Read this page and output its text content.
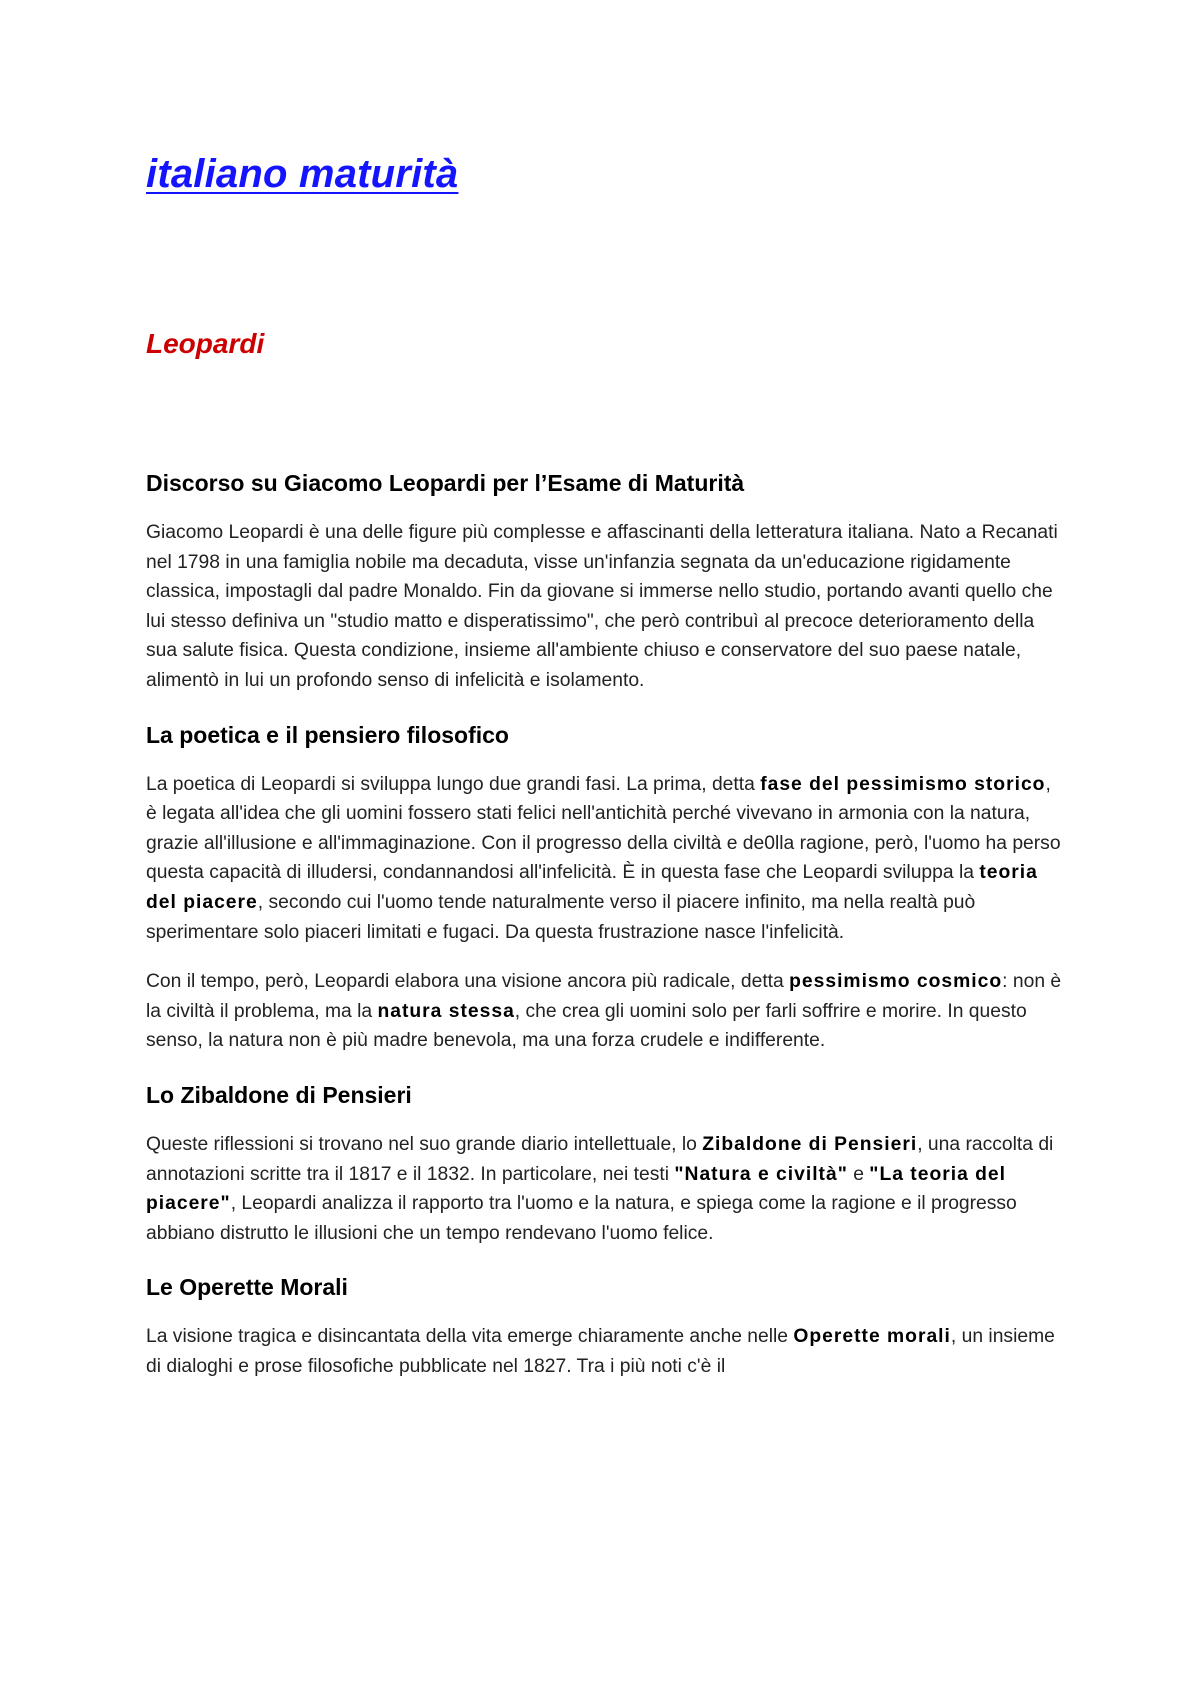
italiano maturità
Leopardi
Discorso su Giacomo Leopardi per l’Esame di Maturità

Giacomo Leopardi è una delle figure più complesse e affascinanti della letteratura italiana. Nato a Recanati nel 1798 in una famiglia nobile ma decaduta, visse un'infanzia segnata da un'educazione rigidamente classica, impostagli dal padre Monaldo. Fin da giovane si immerse nello studio, portando avanti quello che lui stesso definiva un "studio matto e disperatissimo", che però contribuì al precoce deterioramento della sua salute fisica. Questa condizione, insieme all'ambiente chiuso e conservatore del suo paese natale, alimentò in lui un profondo senso di infelicità e isolamento.

La poetica e il pensiero filosofico

La poetica di Leopardi si sviluppa lungo due grandi fasi. La prima, detta fase del pessimismo storico, è legata all'idea che gli uomini fossero stati felici nell'antichità perché vivevano in armonia con la natura, grazie all'illusione e all'immaginazione. Con il progresso della civiltà e de0lla ragione, però, l'uomo ha perso questa capacità di illudersi, condannandosi all'infelicità. È in questa fase che Leopardi sviluppa la teoria del piacere, secondo cui l'uomo tende naturalmente verso il piacere infinito, ma nella realtà può sperimentare solo piaceri limitati e fugaci. Da questa frustrazione nasce l'infelicità.

Con il tempo, però, Leopardi elabora una visione ancora più radicale, detta pessimismo cosmico: non è la civiltà il problema, ma la natura stessa, che crea gli uomini solo per farli soffrire e morire. In questo senso, la natura non è più madre benevola, ma una forza crudele e indifferente.

Lo Zibaldone di Pensieri

Queste riflessioni si trovano nel suo grande diario intellettuale, lo Zibaldone di Pensieri, una raccolta di annotazioni scritte tra il 1817 e il 1832. In particolare, nei testi "Natura e civiltà" e "La teoria del piacere", Leopardi analizza il rapporto tra l'uomo e la natura, e spiega come la ragione e il progresso abbiano distrutto le illusioni che un tempo rendevano l'uomo felice.

Le Operette Morali

La visione tragica e disincantata della vita emerge chiaramente anche nelle Operette morali, un insieme di dialoghi e prose filosofiche pubblicate nel 1827. Tra i più noti c'è il
